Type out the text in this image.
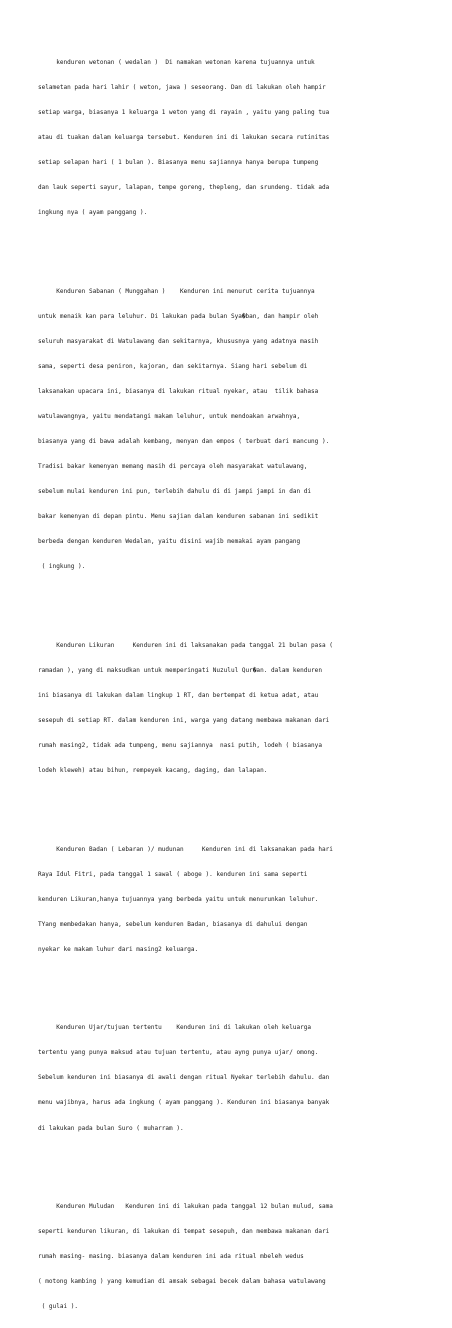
kenduren wetonan ( wedalan )  Di namakan wetonan karena tujuannya untuk

selametan pada hari lahir ( weton, jawa ) seseorang. Dan di lakukan oleh hampir

setiap warga, biasanya 1 keluarga 1 weton yang di rayain , yaitu yang paling tua

atau di tuakan dalam keluarga tersebut. Kenduren ini di lakukan secara rutinitas

setiap selapan hari ( 1 bulan ). Biasanya menu sajiannya hanya berupa tumpeng

dan lauk seperti sayur, lalapan, tempe goreng, thepleng, dan srundeng. tidak ada

ingkung nya ( ayam panggang ).

Kenduren Sabanan ( Munggahan )    Kenduren ini menurut cerita tujuannya

untuk menaik kan para leluhur. Di lakukan pada bulan Sya�ban, dan hampir oleh

seluruh masyarakat di Watulawang dan sekitarnya, khususnya yang adatnya masih

sama, seperti desa peniron, kajoran, dan sekitarnya. Siang hari sebelum di

laksanakan upacara ini, biasanya di lakukan ritual nyekar, atau  tilik bahasa

watulawangnya, yaitu mendatangi makam leluhur, untuk mendoakan arwahnya,

biasanya yang di bawa adalah kembang, menyan dan empos ( terbuat dari mancung ).

Tradisi bakar kemenyan memang masih di percaya oleh masyarakat watulawang,

sebelum mulai kenduren ini pun, terlebih dahulu di di jampi jampi in dan di

bakar kemenyan di depan pintu. Menu sajian dalam kenduren sabanan ini sedikit

berbeda dengan kenduren Wedalan, yaitu disini wajib memakai ayam pangang

( ingkung ).

Kenduren Likuran     Kenduren ini di laksanakan pada tanggal 21 bulan pasa (

ramadan ), yang di maksudkan untuk memperingati Nuzulul Qur�an. dalam kenduren

ini biasanya di lakukan dalam lingkup 1 RT, dan bertempat di ketua adat, atau

sesepuh di setiap RT. dalam kenduren ini, warga yang datang membawa makanan dari

rumah masing2, tidak ada tumpeng, menu sajiannya  nasi putih, lodeh ( biasanya

lodeh kleweh) atau bihun, rempeyek kacang, daging, dan lalapan.

Kenduren Badan ( Lebaran )/ mudunan     Kenduren ini di laksanakan pada hari

Raya Idul Fitri, pada tanggal 1 sawal ( aboge ). kenduren ini sama seperti

kenduren Likuran,hanya tujuannya yang berbeda yaitu untuk menurunkan leluhur.

TYang membedakan hanya, sebelum kenduren Badan, biasanya di dahului dengan

nyekar ke makam luhur dari masing2 keluarga.

Kenduren Ujar/tujuan tertentu    Kenduren ini di lakukan oleh keluarga

tertentu yang punya maksud atau tujuan tertentu, atau ayng punya ujar/ omong.

Sebelum kenduren ini biasanya di awali dengan ritual Nyekar terlebih dahulu. dan

menu wajibnya, harus ada ingkung ( ayam panggang ). Kenduren ini biasanya banyak

di lakukan pada bulan Suro ( muharram ).

Kenduren Muludan   Kenduren ini di lakukan pada tanggal 12 bulan mulud, sama

seperti kenduren likuran, di lakukan di tempat sesepuh, dan membawa makanan dari

rumah masing- masing. biasanya dalam kenduren ini ada ritual mbeleh wedus

( motong kambing ) yang kemudian di amsak sebagai becek dalam bahasa watulawang

( gulai ).
